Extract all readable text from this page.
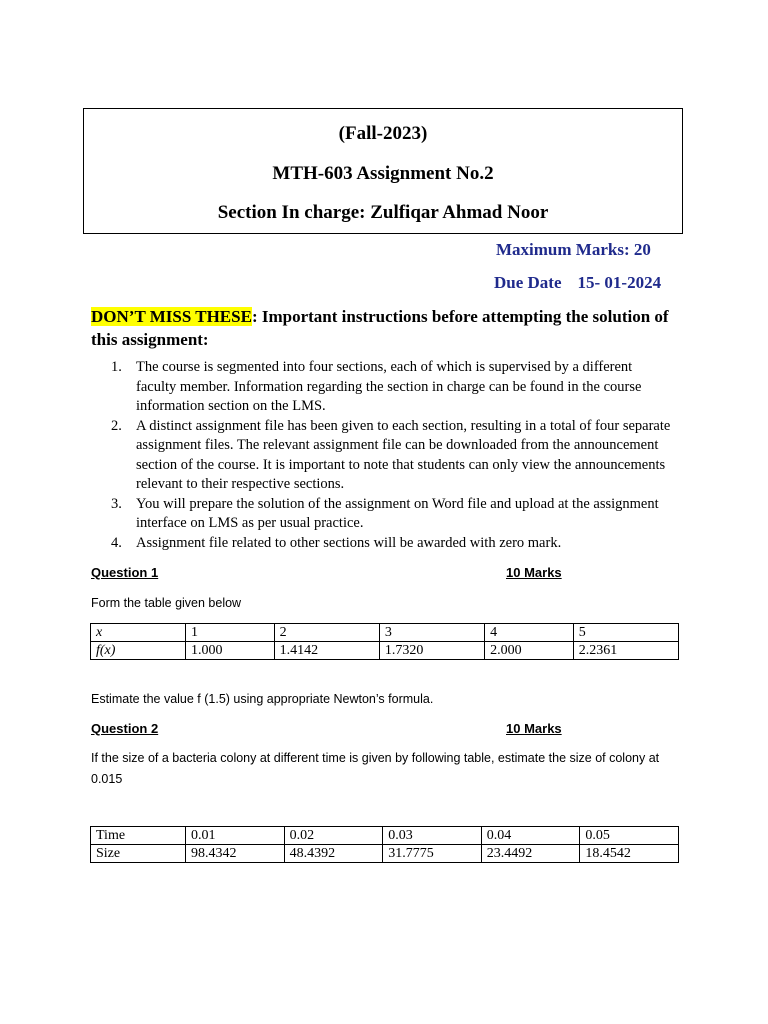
(Fall-2023)
MTH-603 Assignment No.2
Section In charge: Zulfiqar Ahmad Noor
Maximum Marks: 20
Due Date 15- 01-2024
DON’T MISS THESE: Important instructions before attempting the solution of this assignment:
1. The course is segmented into four sections, each of which is supervised by a different faculty member. Information regarding the section in charge can be found in the course information section on the LMS.
2. A distinct assignment file has been given to each section, resulting in a total of four separate assignment files. The relevant assignment file can be downloaded from the announcement section of the course. It is important to note that students can only view the announcements relevant to their respective sections.
3. You will prepare the solution of the assignment on Word file and upload at the assignment interface on LMS as per usual practice.
4. Assignment file related to other sections will be awarded with zero mark.
Question 1	10 Marks
Form the table given below
x	1	2	3	4	5
f(x)	1.000	1.4142	1.7320	2.000	2.2361
Estimate the value f (1.5) using appropriate Newton’s formula.
Question 2	10 Marks
If the size of a bacteria colony at different time is given by following table, estimate the size of colony at 0.015
Time	0.01	0.02	0.03	0.04	0.05
Size	98.4342	48.4392	31.7775	23.4492	18.4542
